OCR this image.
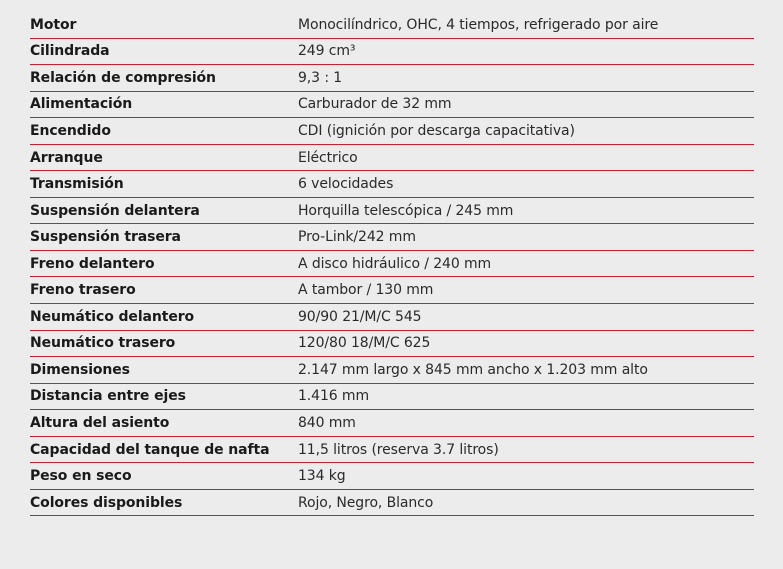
Motor	Monocilíndrico, OHC, 4 tiempos, refrigerado por aire
Cilindrada	249 cm³
Relación de compresión	9,3 : 1
Alimentación	Carburador de 32 mm
Encendido	CDI (ignición por descarga capacitativa)
Arranque	Eléctrico
Transmisión	6 velocidades
Suspensión delantera	Horquilla telescópica / 245 mm
Suspensión trasera	Pro-Link/242 mm
Freno delantero	A disco hidráulico / 240 mm
Freno trasero	A tambor / 130 mm
Neumático delantero	90/90 21/M/C 545
Neumático trasero	120/80 18/M/C 625
Dimensiones	2.147 mm largo x 845 mm ancho x 1.203 mm alto
Distancia entre ejes	1.416 mm
Altura del asiento	840 mm
Capacidad del tanque de nafta	11,5 litros (reserva 3.7 litros)
Peso en seco	134 kg
Colores disponibles	Rojo, Negro, Blanco
